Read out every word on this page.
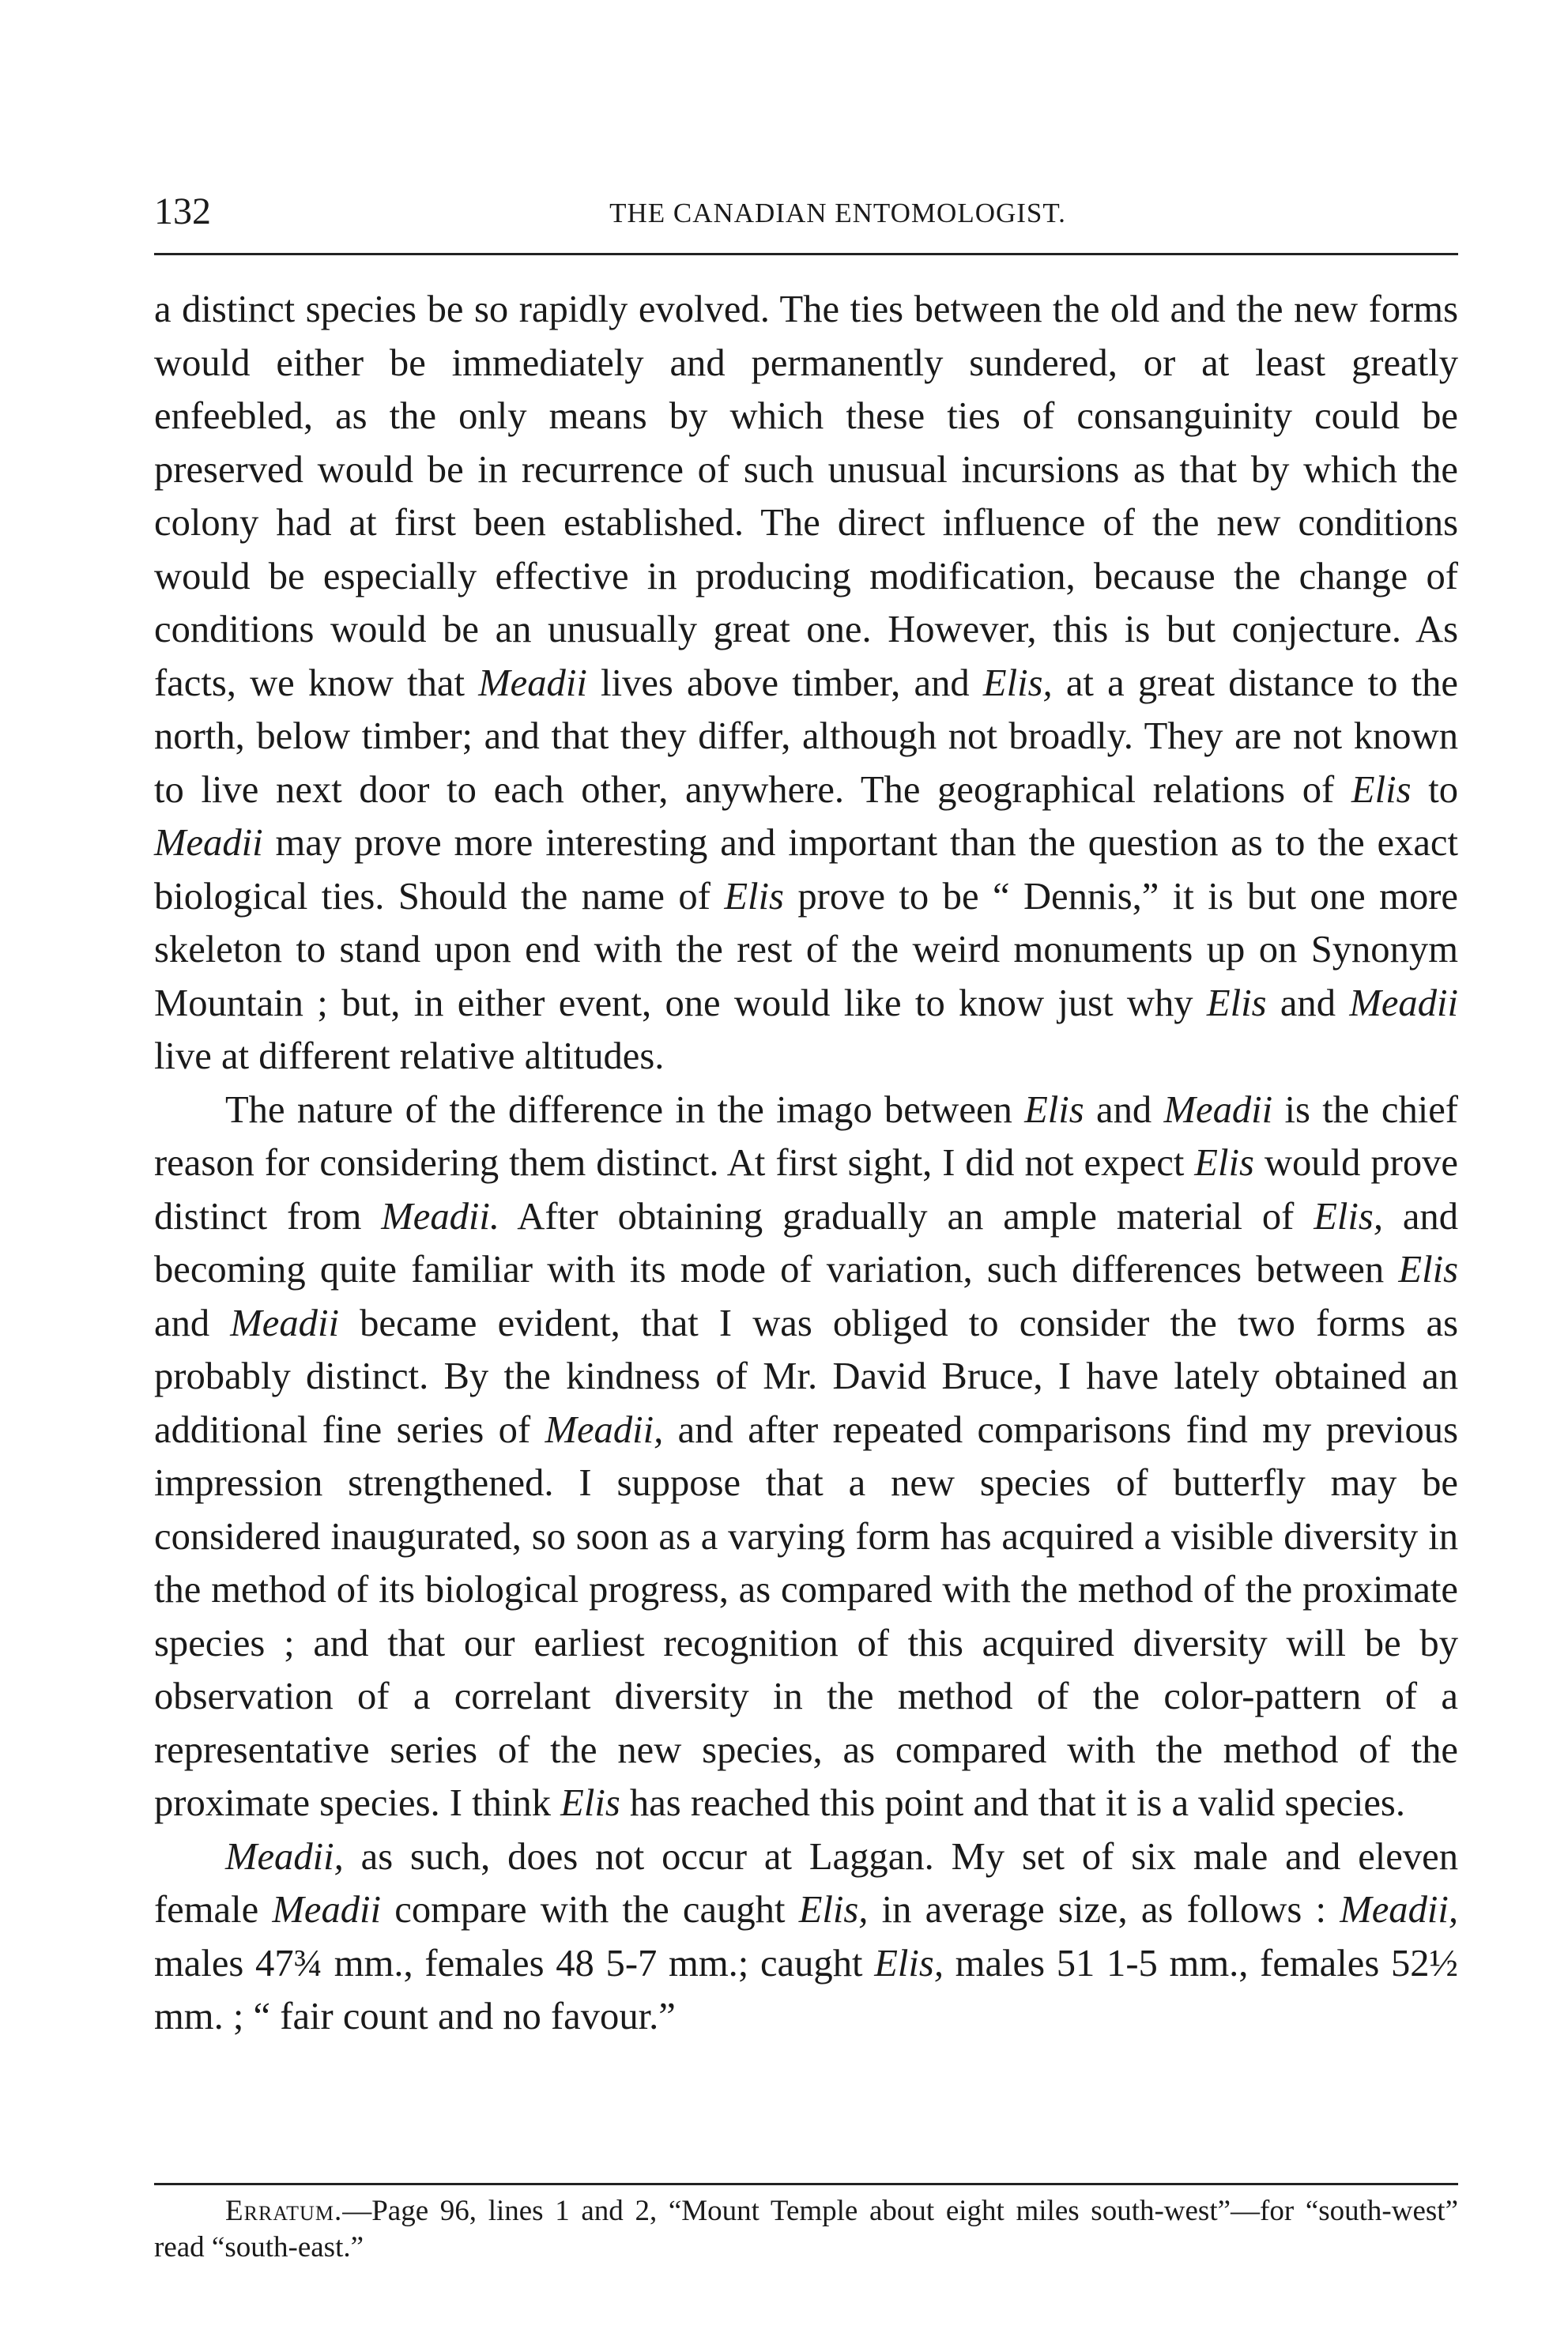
132	THE CANADIAN ENTOMOLOGIST.

a distinct species be so rapidly evolved. The ties between the old and the new forms would either be immediately and permanently sundered, or at least greatly enfeebled, as the only means by which these ties of consanguinity could be preserved would be in recurrence of such unusual incursions as that by which the colony had at first been established. The direct influence of the new conditions would be especially effective in producing modification, because the change of conditions would be an unusually great one. However, this is but conjecture. As facts, we know that Meadii lives above timber, and Elis, at a great distance to the north, below timber; and that they differ, although not broadly. They are not known to live next door to each other, anywhere. The geographical relations of Elis to Meadii may prove more interesting and important than the question as to the exact biological ties. Should the name of Elis prove to be “ Dennis,” it is but one more skeleton to stand upon end with the rest of the weird monuments up on Synonym Mountain ; but, in either event, one would like to know just why Elis and Meadii live at different relative altitudes.

The nature of the difference in the imago between Elis and Meadii is the chief reason for considering them distinct. At first sight, I did not expect Elis would prove distinct from Meadii. After obtaining gradually an ample material of Elis, and becoming quite familiar with its mode of variation, such differences between Elis and Meadii became evident, that I was obliged to consider the two forms as probably distinct. By the kindness of Mr. David Bruce, I have lately obtained an additional fine series of Meadii, and after repeated comparisons find my previous impression strengthened. I suppose that a new species of butterfly may be considered inaugurated, so soon as a varying form has acquired a visible diversity in the method of its biological progress, as compared with the method of the proximate species ; and that our earliest recognition of this acquired diversity will be by observation of a correlant diversity in the method of the color-pattern of a representative series of the new species, as compared with the method of the proximate species. I think Elis has reached this point and that it is a valid species.

Meadii, as such, does not occur at Laggan. My set of six male and eleven female Meadii compare with the caught Elis, in average size, as follows : Meadii, males 47¾ mm., females 48 5-7 mm.; caught Elis, males 51 1-5 mm., females 52½ mm. ; “ fair count and no favour.”

Erratum.—Page 96, lines 1 and 2, “Mount Temple about eight miles south-west”—for “south-west” read “south-east.”
